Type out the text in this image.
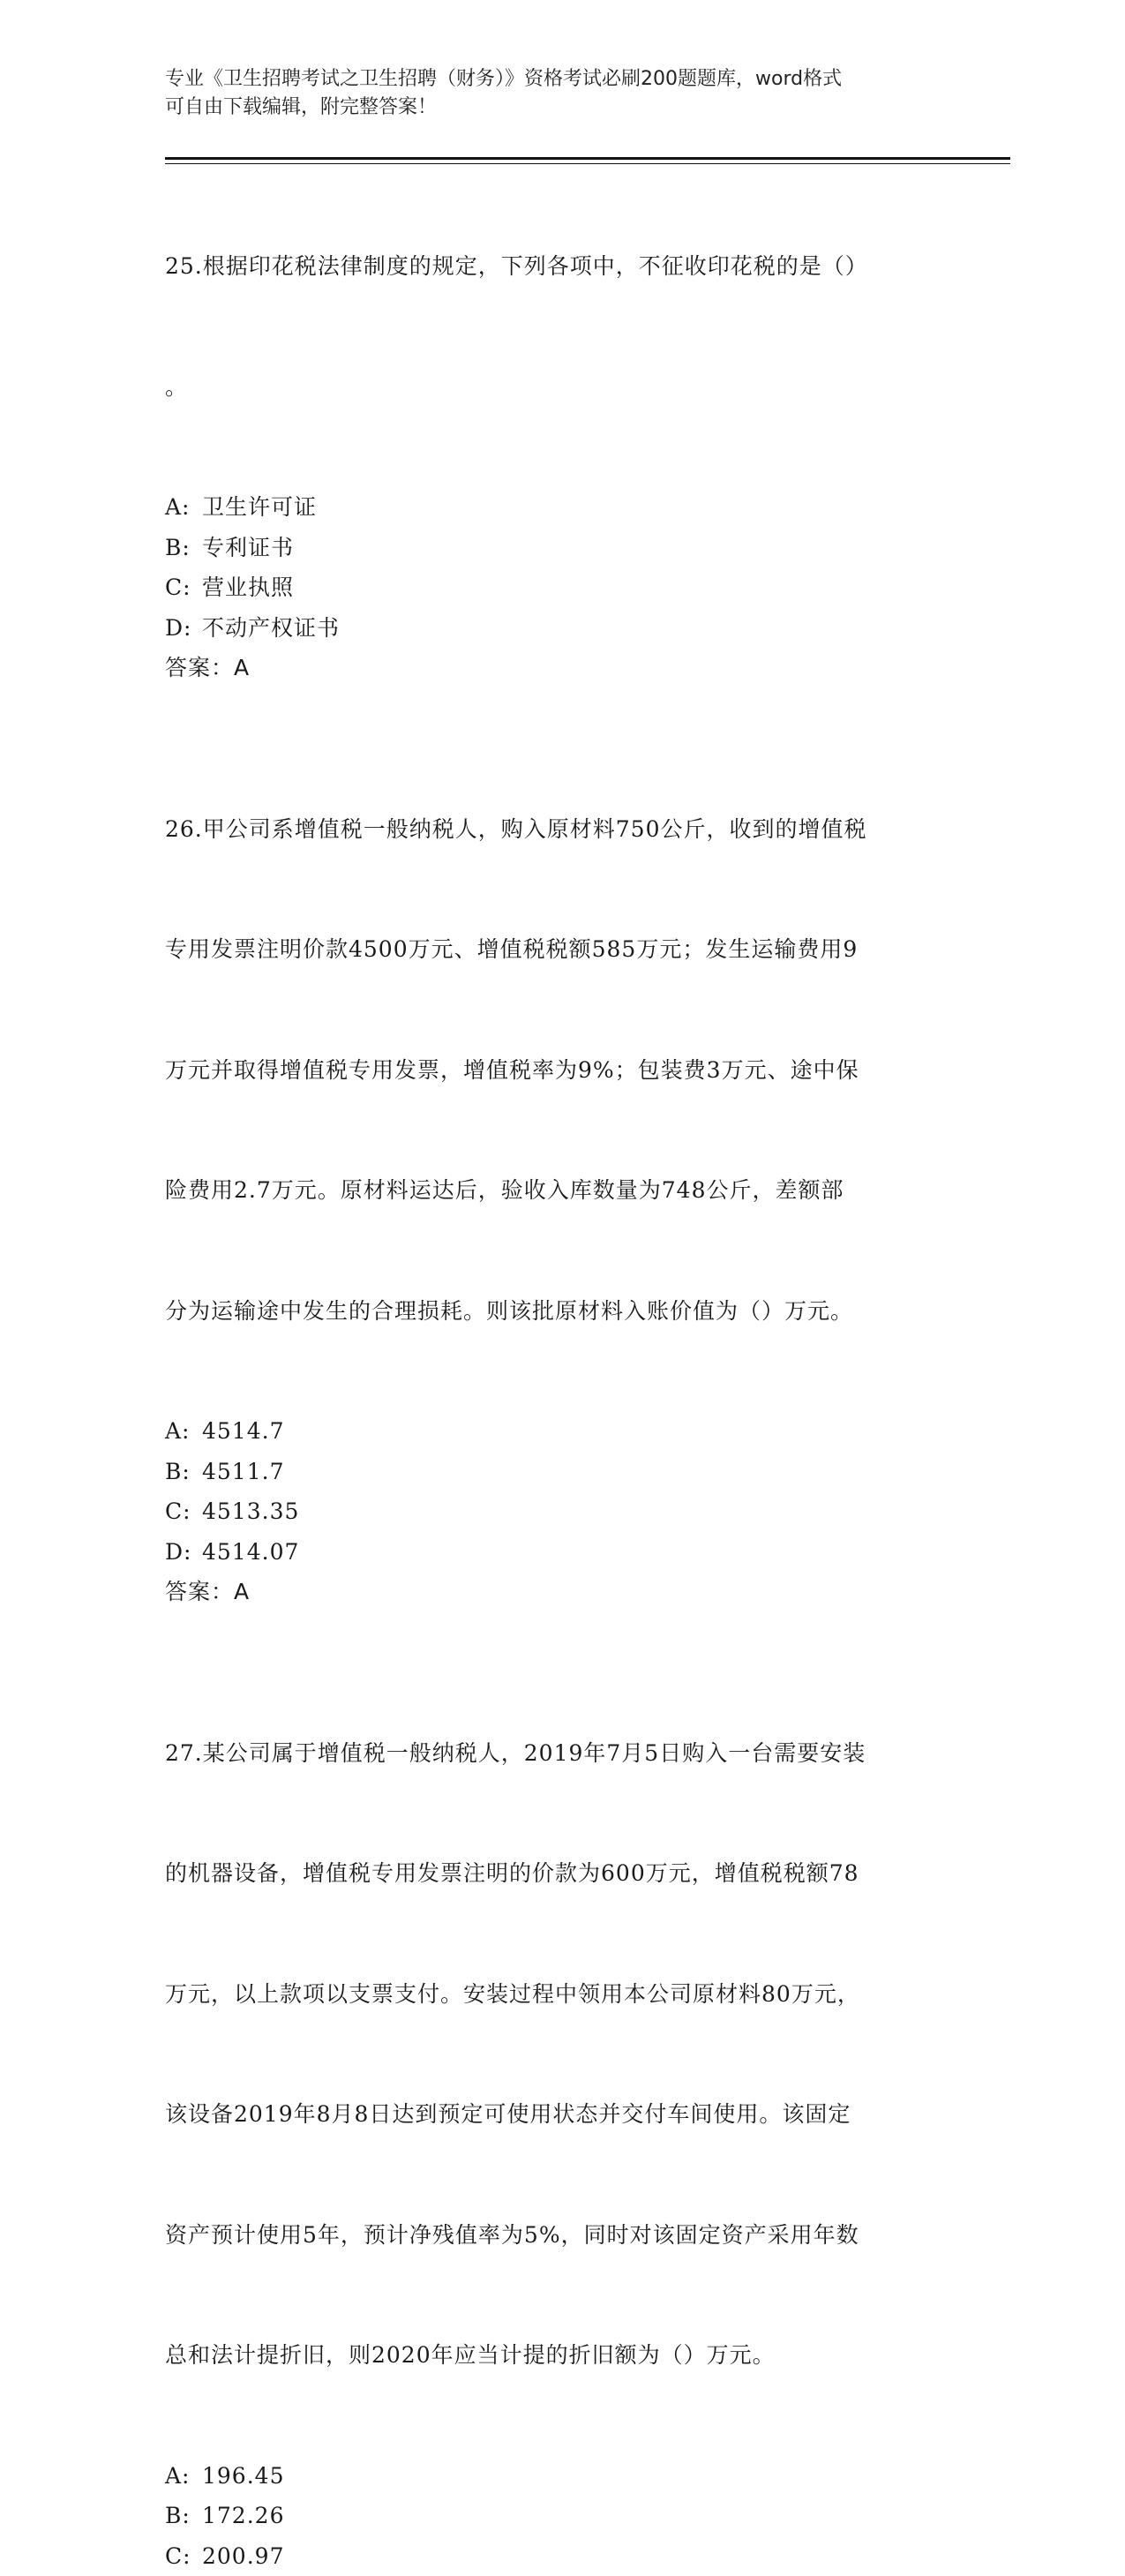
专业《卫生招聘考试之卫生招聘（财务）》资格考试必刷200题题库，word格式
可自由下载编辑，附完整答案！

25.根据印花税法律制度的规定，下列各项中，不征收印花税的是（）

。

A: 卫生许可证
B: 专利证书
C: 营业执照
D: 不动产权证书
答案：A

26.甲公司系增值税一般纳税人，购入原材料750公斤，收到的增值税

专用发票注明价款4500万元、增值税税额585万元；发生运输费用9

万元并取得增值税专用发票，增值税率为9%；包装费3万元、途中保

险费用2.7万元。原材料运达后，验收入库数量为748公斤，差额部

分为运输途中发生的合理损耗。则该批原材料入账价值为（）万元。

A: 4514.7
B: 4511.7
C: 4513.35
D: 4514.07
答案：A

27.某公司属于增值税一般纳税人，2019年7月5日购入一台需要安装

的机器设备，增值税专用发票注明的价款为600万元，增值税税额78

万元，以上款项以支票支付。安装过程中领用本公司原材料80万元，

该设备2019年8月8日达到预定可使用状态并交付车间使用。该固定

资产预计使用5年，预计净残值率为5%，同时对该固定资产采用年数

总和法计提折旧，则2020年应当计提的折旧额为（）万元。

A: 196.45
B: 172.26
C: 200.97
